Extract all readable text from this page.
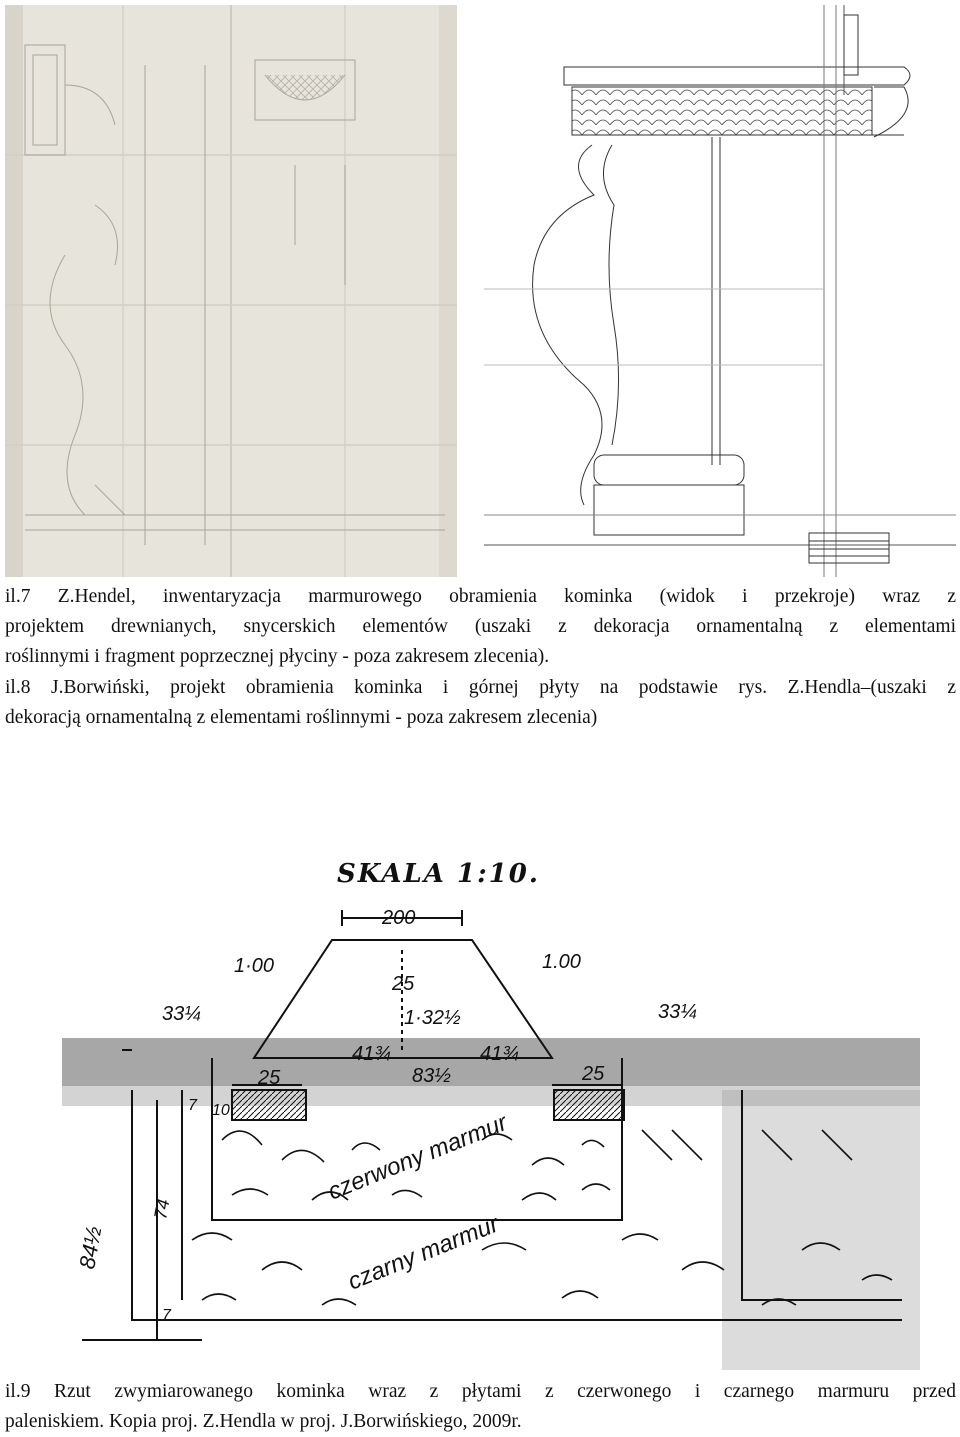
il.7 Z.Hendel, inwentaryzacja marmurowego obramienia kominka (widok i przekroje) wraz z
projektem drewnianych, snycerskich elementów (uszaki z dekoracja ornamentalną z elementami
roślinnymi i fragment poprzecznej płyciny - poza zakresem zlecenia).
il.8 J.Borwiński, projekt obramienia kominka i górnej płyty na podstawie rys. Z.Hendla–(uszaki z
dekoracją ornamentalną z elementami roślinnymi - poza zakresem zlecenia)
SKALA 1:10.
200
1·00	1.00
33¼	33¼
25
1·32½
41¾	41¾
83½
25	25
10
7
84½
74
7
czerwony marmur
czarny marmur
il.9 Rzut zwymiarowanego kominka wraz z płytami z czerwonego i czarnego marmuru przed
paleniskiem. Kopia proj. Z.Hendla w proj. J.Borwińskiego, 2009r.
